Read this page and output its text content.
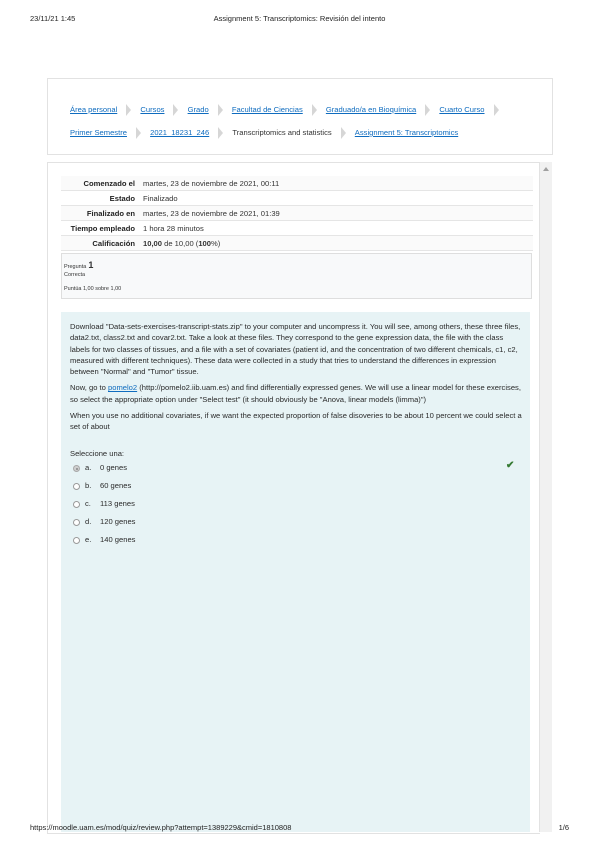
23/11/21 1:45	Assignment 5: Transcriptomics: Revisión del intento
Área personal	Cursos	Grado	Facultad de Ciencias	Graduado/a en Bioquímica	Cuarto Curso
Primer Semestre	2021_18231_246	Transcriptomics and statistics	Assignment 5: Transcriptomics
Comenzado el	martes, 23 de noviembre de 2021, 00:11
Estado	Finalizado
Finalizado en	martes, 23 de noviembre de 2021, 01:39
Tiempo empleado	1 hora 28 minutos
Calificación	10,00 de 10,00 (100%)
Pregunta 1
Correcta
Puntúa 1,00 sobre 1,00

Download "Data-sets-exercises-transcript-stats.zip" to your computer and uncompress it. You will see, among others, these three files, data2.txt, class2.txt and covar2.txt. Take a look at these files. They correspond to the gene expression data, the file with the class labels for two classes of tissues, and a file with a set of covariates (patient id, and the concentration of two different chemicals, c1, c2, measured with different techniques). These data were collected in a study that tries to understand the differences in expression between "Normal" and "Tumor" tissue.

Now, go to pomelo2 (http://pomelo2.iib.uam.es) and find differentially expressed genes. We will use a linear model for these exercises, so select the appropriate option under "Select test" (it should obviously be "Anova, linear models (limma)")

When you use no additional covariates, if we want the expected proportion of false disoveries to be about 10 percent we could select a set of about

Seleccione una:
a. 0 genes	✔
b. 60 genes
c. 113 genes
d. 120 genes
e. 140 genes
https://moodle.uam.es/mod/quiz/review.php?attempt=1389229&cmid=1810808	1/6
